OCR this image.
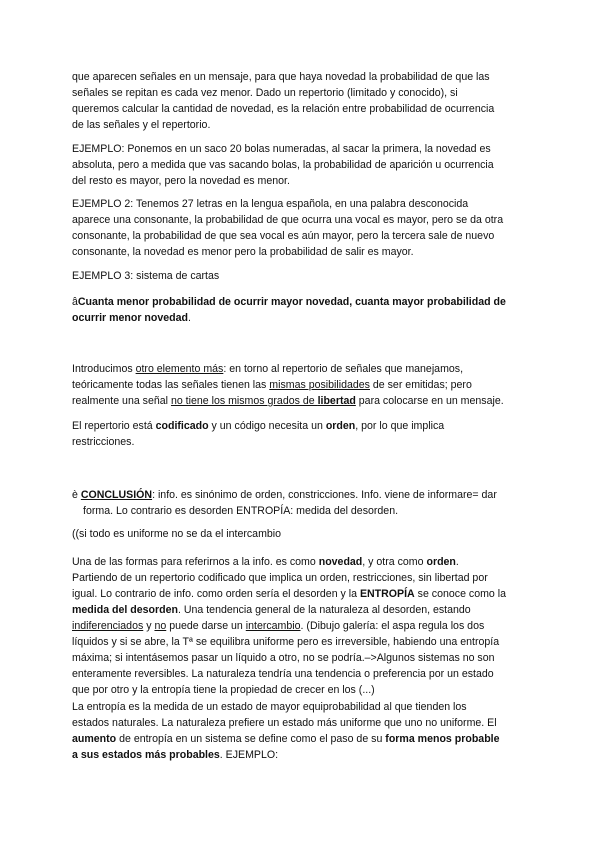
que aparecen señales en un mensaje, para que haya novedad la probabilidad de que las
señales se repitan es cada vez menor. Dado un repertorio (limitado y conocido), si
queremos calcular la cantidad de novedad, es la relación entre probabilidad de ocurrencia
de las señales y el repertorio.

EJEMPLO: Ponemos en un saco 20 bolas numeradas, al sacar la primera, la novedad es
absoluta, pero a medida que vas sacando bolas, la probabilidad de aparición u ocurrencia
del resto es mayor, pero la novedad es menor.

EJEMPLO 2: Tenemos 27 letras en la lengua española, en una palabra desconocida
aparece una consonante, la probabilidad de que ocurra una vocal es mayor, pero se da otra
consonante, la probabilidad de que sea vocal es aún mayor, pero la tercera sale de nuevo
consonante, la novedad es menor pero la probabilidad de salir es mayor.

EJEMPLO 3: sistema de cartas

âCuanta menor probabilidad de ocurrir mayor novedad, cuanta mayor probabilidad de
ocurrir menor novedad.

Introducimos otro elemento más: en torno al repertorio de señales que manejamos,
teóricamente todas las señales tienen las mismas posibilidades de ser emitidas; pero
realmente una señal no tiene los mismos grados de libertad para colocarse en un mensaje.

El repertorio está codificado y un código necesita un orden, por lo que implica
restricciones.

è CONCLUSIÓN: info. es sinónimo de orden, constricciones. Info. viene de informare= dar
forma. Lo contrario es desorden ENTROPÍA: medida del desorden.

((si todo es uniforme no se da el intercambio

Una de las formas para referirnos a la info. es como novedad, y otra como orden.
Partiendo de un repertorio codificado que implica un orden, restricciones, sin libertad por
igual. Lo contrario de info. como orden sería el desorden y la ENTROPÍA se conoce como la
medida del desorden. Una tendencia general de la naturaleza al desorden, estando
indiferenciados y no puede darse un intercambio. (Dibujo galería: el aspa regula los dos
líquidos y si se abre, la Tª se equilibra uniforme pero es irreversible, habiendo una entropía
máxima; si intentásemos pasar un líquido a otro, no se podría.–>Algunos sistemas no son
enteramente reversibles. La naturaleza tendría una tendencia o preferencia por un estado
que por otro y la entropía tiene la propiedad de crecer en los (...)

La entropía es la medida de un estado de mayor equiprobabilidad al que tienden los
estados naturales. La naturaleza prefiere un estado más uniforme que uno no uniforme. El
aumento de entropía en un sistema se define como el paso de su forma menos probable
a sus estados más probables. EJEMPLO:
